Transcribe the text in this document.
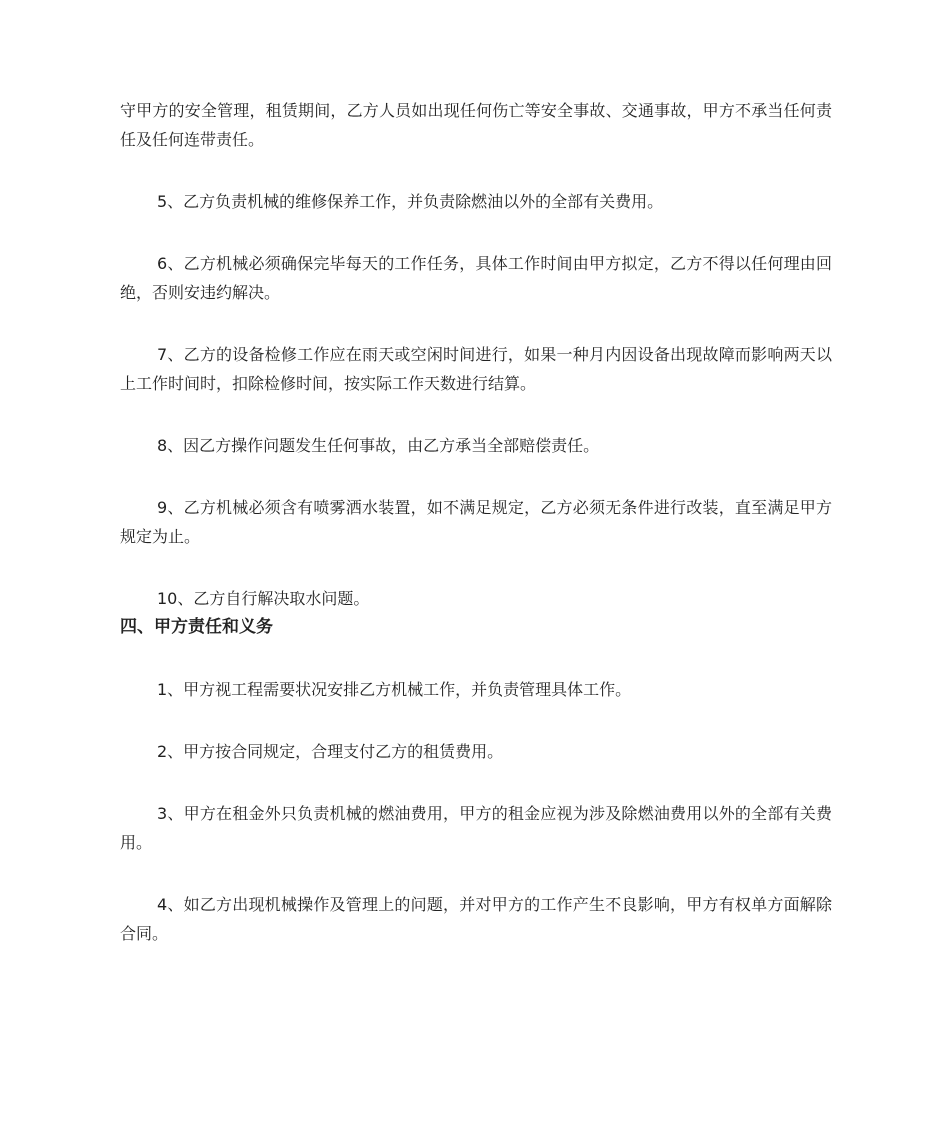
守甲方的安全管理，租赁期间，乙方人员如出现任何伤亡等安全事故、交通事故，甲方不承当任何责任及任何连带责任。

5、乙方负责机械的维修保养工作，并负责除燃油以外的全部有关费用。

6、乙方机械必须确保完毕每天的工作任务，具体工作时间由甲方拟定，乙方不得以任何理由回绝，否则安违约解决。

7、乙方的设备检修工作应在雨天或空闲时间进行，如果一种月内因设备出现故障而影响两天以上工作时间时，扣除检修时间，按实际工作天数进行结算。

8、因乙方操作问题发生任何事故，由乙方承当全部赔偿责任。

9、乙方机械必须含有喷雾洒水装置，如不满足规定，乙方必须无条件进行改装，直至满足甲方规定为止。

10、乙方自行解决取水问题。

四、甲方责任和义务

1、甲方视工程需要状况安排乙方机械工作，并负责管理具体工作。

2、甲方按合同规定，合理支付乙方的租赁费用。

3、甲方在租金外只负责机械的燃油费用，甲方的租金应视为涉及除燃油费用以外的全部有关费用。

4、如乙方出现机械操作及管理上的问题，并对甲方的工作产生不良影响，甲方有权单方面解除合同。
